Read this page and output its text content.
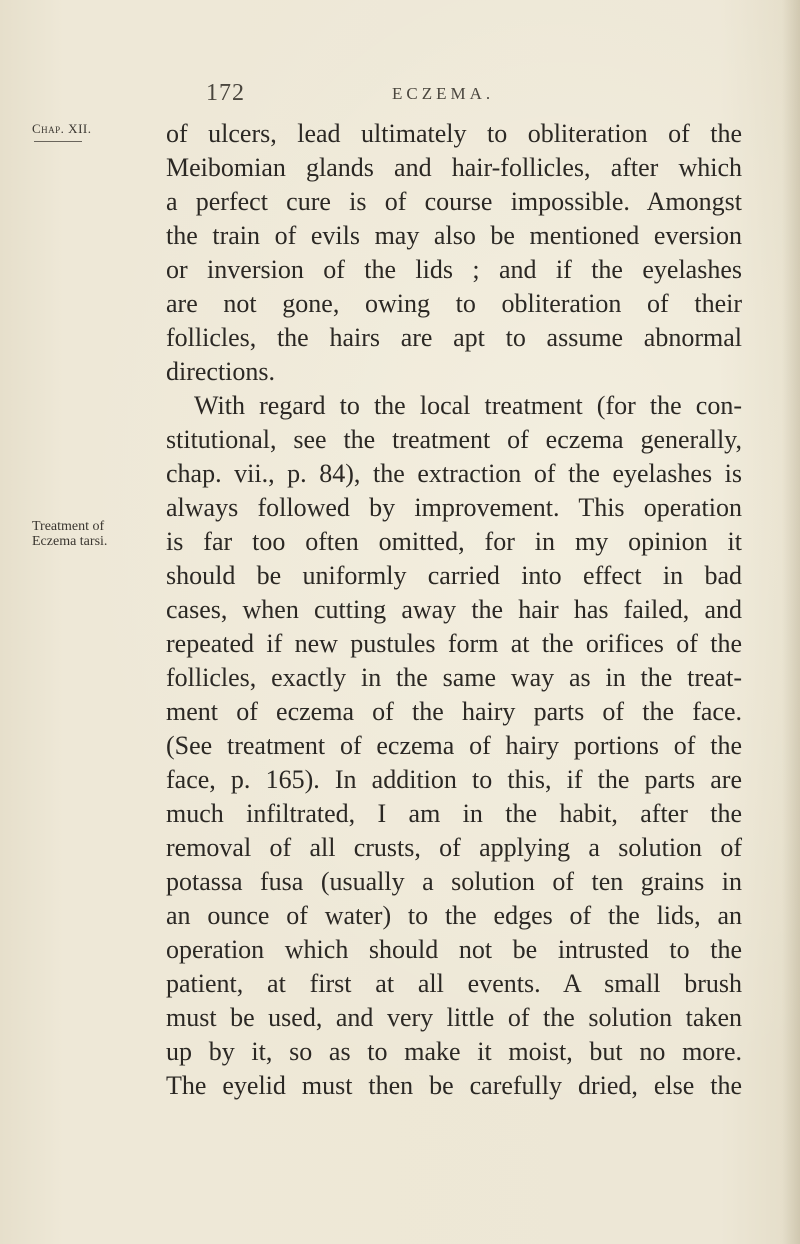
172	ECZEMA.
Chap. XII.
Treatment of
Eczema tarsi.
of ulcers, lead ultimately to obliteration of the
Meibomian glands and hair-follicles, after which
a perfect cure is of course impossible. Amongst
the train of evils may also be mentioned eversion
or inversion of the lids ; and if the eyelashes
are not gone, owing to obliteration of their
follicles, the hairs are apt to assume abnormal
directions.
With regard to the local treatment (for the con-
stitutional, see the treatment of eczema generally,
chap. vii., p. 84), the extraction of the eyelashes is
always followed by improvement. This operation
is far too often omitted, for in my opinion it
should be uniformly carried into effect in bad
cases, when cutting away the hair has failed, and
repeated if new pustules form at the orifices of the
follicles, exactly in the same way as in the treat-
ment of eczema of the hairy parts of the face.
(See treatment of eczema of hairy portions of the
face, p. 165). In addition to this, if the parts are
much infiltrated, I am in the habit, after the
removal of all crusts, of applying a solution of
potassa fusa (usually a solution of ten grains in
an ounce of water) to the edges of the lids, an
operation which should not be intrusted to the
patient, at first at all events. A small brush
must be used, and very little of the solution taken
up by it, so as to make it moist, but no more.
The eyelid must then be carefully dried, else the
